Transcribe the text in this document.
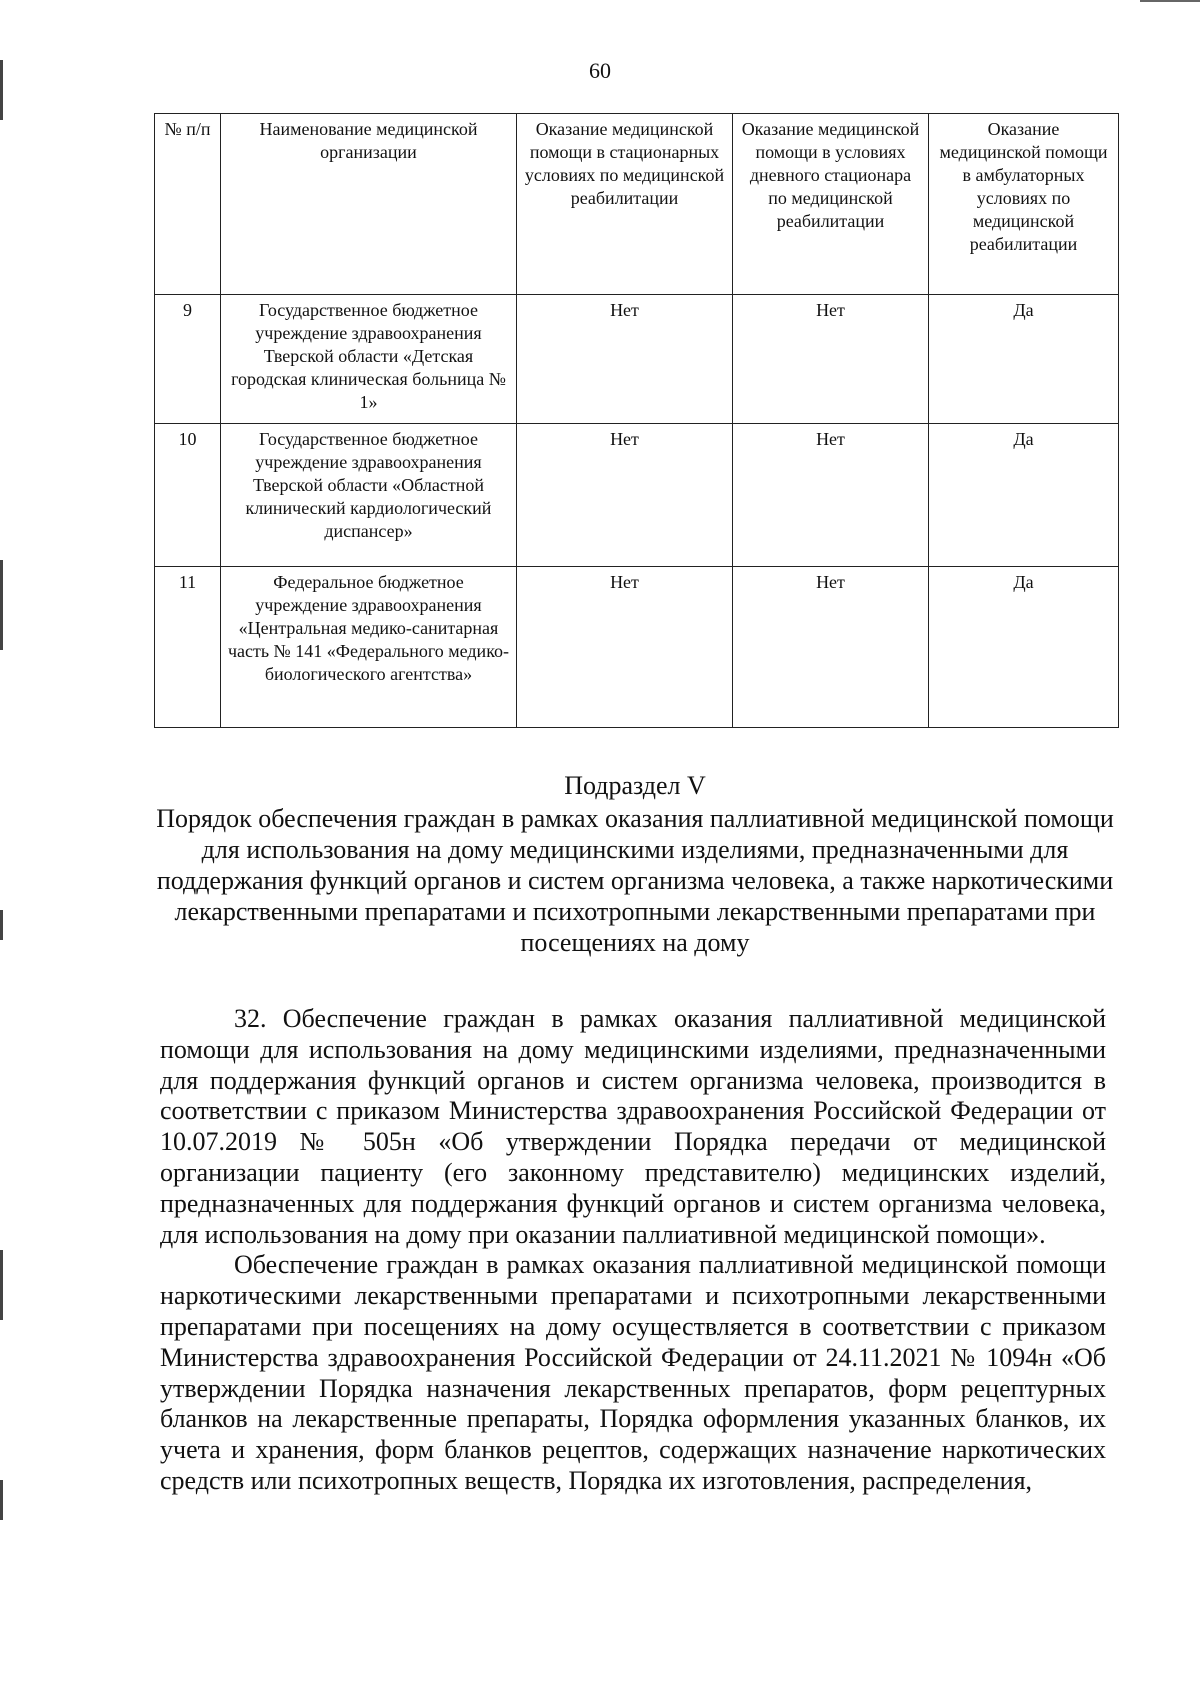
60
№ п/п	Наименование медицинской организации	Оказание медицинской помощи в стационарных условиях по медицинской реабилитации	Оказание медицинской помощи в условиях дневного стационара по медицинской реабилитации	Оказание медицинской помощи в амбулаторных условиях по медицинской реабилитации
9	Государственное бюджетное учреждение здравоохранения Тверской области «Детская городская клиническая больница № 1»	Нет	Нет	Да
10	Государственное бюджетное учреждение здравоохранения Тверской области «Областной клинический кардиологический диспансер»	Нет	Нет	Да
11	Федеральное бюджетное учреждение здравоохранения «Центральная медико-санитарная часть № 141 «Федерального медико-биологического агентства»	Нет	Нет	Да
Подраздел V
Порядок обеспечения граждан в рамках оказания паллиативной медицинской помощи для использования на дому медицинскими изделиями, предназначенными для поддержания функций органов и систем организма человека, а также наркотическими лекарственными препаратами и психотропными лекарственными препаратами при посещениях на дому

32. Обеспечение граждан в рамках оказания паллиативной медицинской помощи для использования на дому медицинскими изделиями, предназначенными для поддержания функций органов и систем организма человека, производится в соответствии с приказом Министерства здравоохранения Российской Федерации от 10.07.2019 № 505н «Об утверждении Порядка передачи от медицинской организации пациенту (его законному представителю) медицинских изделий, предназначенных для поддержания функций органов и систем организма человека, для использования на дому при оказании паллиативной медицинской помощи».

Обеспечение граждан в рамках оказания паллиативной медицинской помощи наркотическими лекарственными препаратами и психотропными лекарственными препаратами при посещениях на дому осуществляется в соответствии с приказом Министерства здравоохранения Российской Федерации от 24.11.2021 № 1094н «Об утверждении Порядка назначения лекарственных препаратов, форм рецептурных бланков на лекарственные препараты, Порядка оформления указанных бланков, их учета и хранения, форм бланков рецептов, содержащих назначение наркотических средств или психотропных веществ, Порядка их изготовления, распределения,
